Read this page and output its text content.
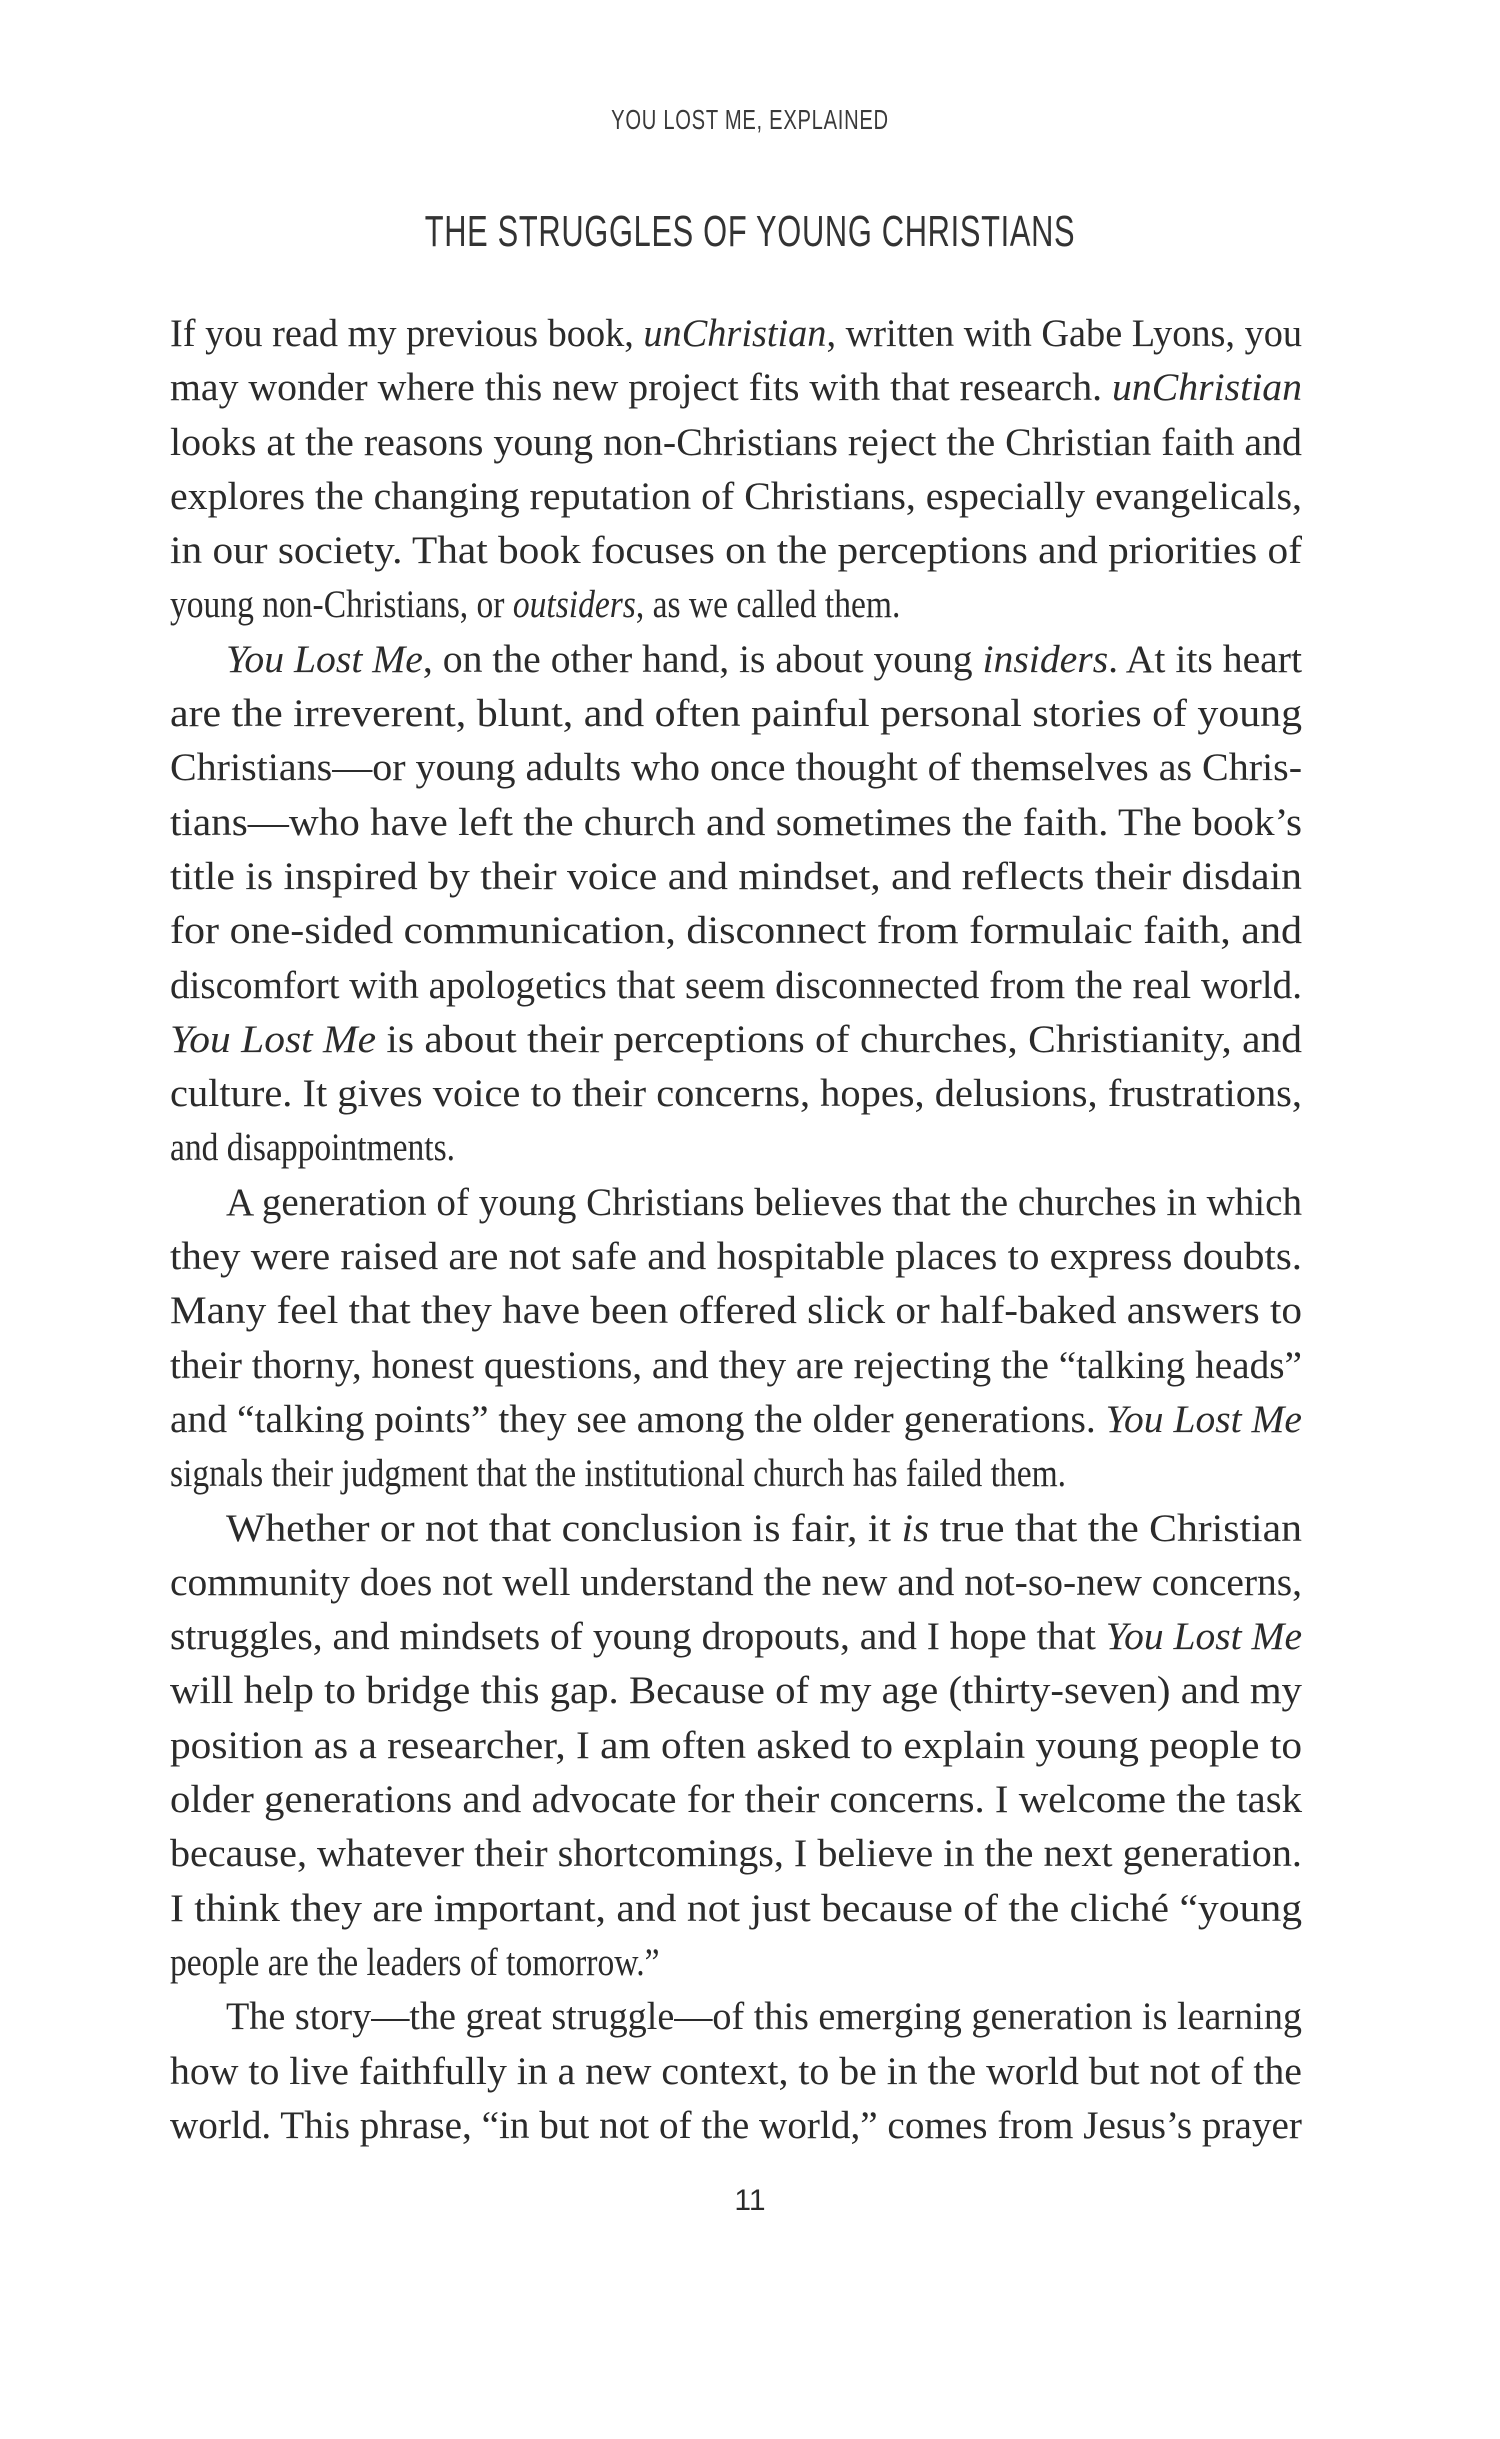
YOU LOST ME, EXPLAINED
THE STRUGGLES OF YOUNG CHRISTIANS
If you read my previous book, unChristian, written with Gabe Lyons, you
may wonder where this new project fits with that research. unChristian
looks at the reasons young non-Christians reject the Christian faith and
explores the changing reputation of Christians, especially evangelicals,
in our society. That book focuses on the perceptions and priorities of
young non-Christians, or outsiders, as we called them.
You Lost Me, on the other hand, is about young insiders. At its heart
are the irreverent, blunt, and often painful personal stories of young
Christians—or young adults who once thought of themselves as Chris-
tians—who have left the church and sometimes the faith. The book’s
title is inspired by their voice and mindset, and reflects their disdain
for one-sided communication, disconnect from formulaic faith, and
discomfort with apologetics that seem disconnected from the real world.
You Lost Me is about their perceptions of churches, Christianity, and
culture. It gives voice to their concerns, hopes, delusions, frustrations,
and disappointments.
A generation of young Christians believes that the churches in which
they were raised are not safe and hospitable places to express doubts.
Many feel that they have been offered slick or half-baked answers to
their thorny, honest questions, and they are rejecting the “talking heads”
and “talking points” they see among the older generations. You Lost Me
signals their judgment that the institutional church has failed them.
Whether or not that conclusion is fair, it is true that the Christian
community does not well understand the new and not-so-new concerns,
struggles, and mindsets of young dropouts, and I hope that You Lost Me
will help to bridge this gap. Because of my age (thirty-seven) and my
position as a researcher, I am often asked to explain young people to
older generations and advocate for their concerns. I welcome the task
because, whatever their shortcomings, I believe in the next generation.
I think they are important, and not just because of the cliché “young
people are the leaders of tomorrow.”
The story—the great struggle—of this emerging generation is learning
how to live faithfully in a new context, to be in the world but not of the
world. This phrase, “in but not of the world,” comes from Jesus’s prayer
11
